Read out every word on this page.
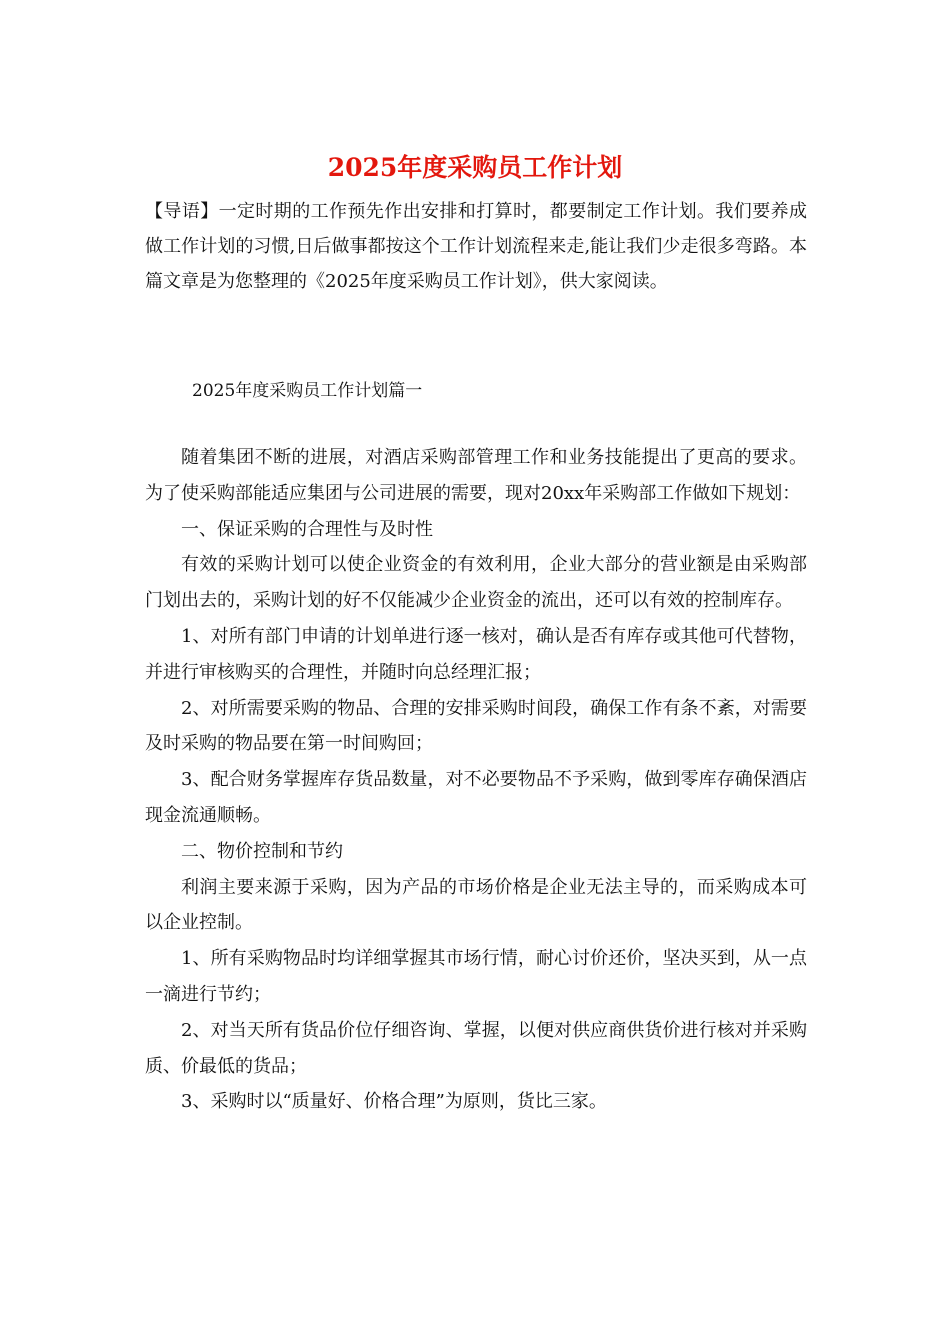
2025年度采购员工作计划
【导语】一定时期的工作预先作出安排和打算时，都要制定工作计划。我们要养成做工作计划的习惯,日后做事都按这个工作计划流程来走,能让我们少走很多弯路。本篇文章是为您整理的《2025年度采购员工作计划》，供大家阅读。
2025年度采购员工作计划篇一

随着集团不断的进展，对酒店采购部管理工作和业务技能提出了更高的要求。为了使采购部能适应集团与公司进展的需要，现对20xx年采购部工作做如下规划：

一、保证采购的合理性与及时性

有效的采购计划可以使企业资金的有效利用，企业大部分的营业额是由采购部门划出去的，采购计划的好不仅能减少企业资金的流出，还可以有效的控制库存。

1、对所有部门申请的计划单进行逐一核对，确认是否有库存或其他可代替物，并进行审核购买的合理性，并随时向总经理汇报；

2、对所需要采购的物品、合理的安排采购时间段，确保工作有条不紊，对需要及时采购的物品要在第一时间购回；

3、配合财务掌握库存货品数量，对不必要物品不予采购，做到零库存确保酒店现金流通顺畅。

二、物价控制和节约

利润主要来源于采购，因为产品的市场价格是企业无法主导的，而采购成本可以企业控制。

1、所有采购物品时均详细掌握其市场行情，耐心讨价还价，坚决买到，从一点一滴进行节约；

2、对当天所有货品价位仔细咨询、掌握，以便对供应商供货价进行核对并采购质、价最低的货品；

3、采购时以“质量好、价格合理”为原则，货比三家。
